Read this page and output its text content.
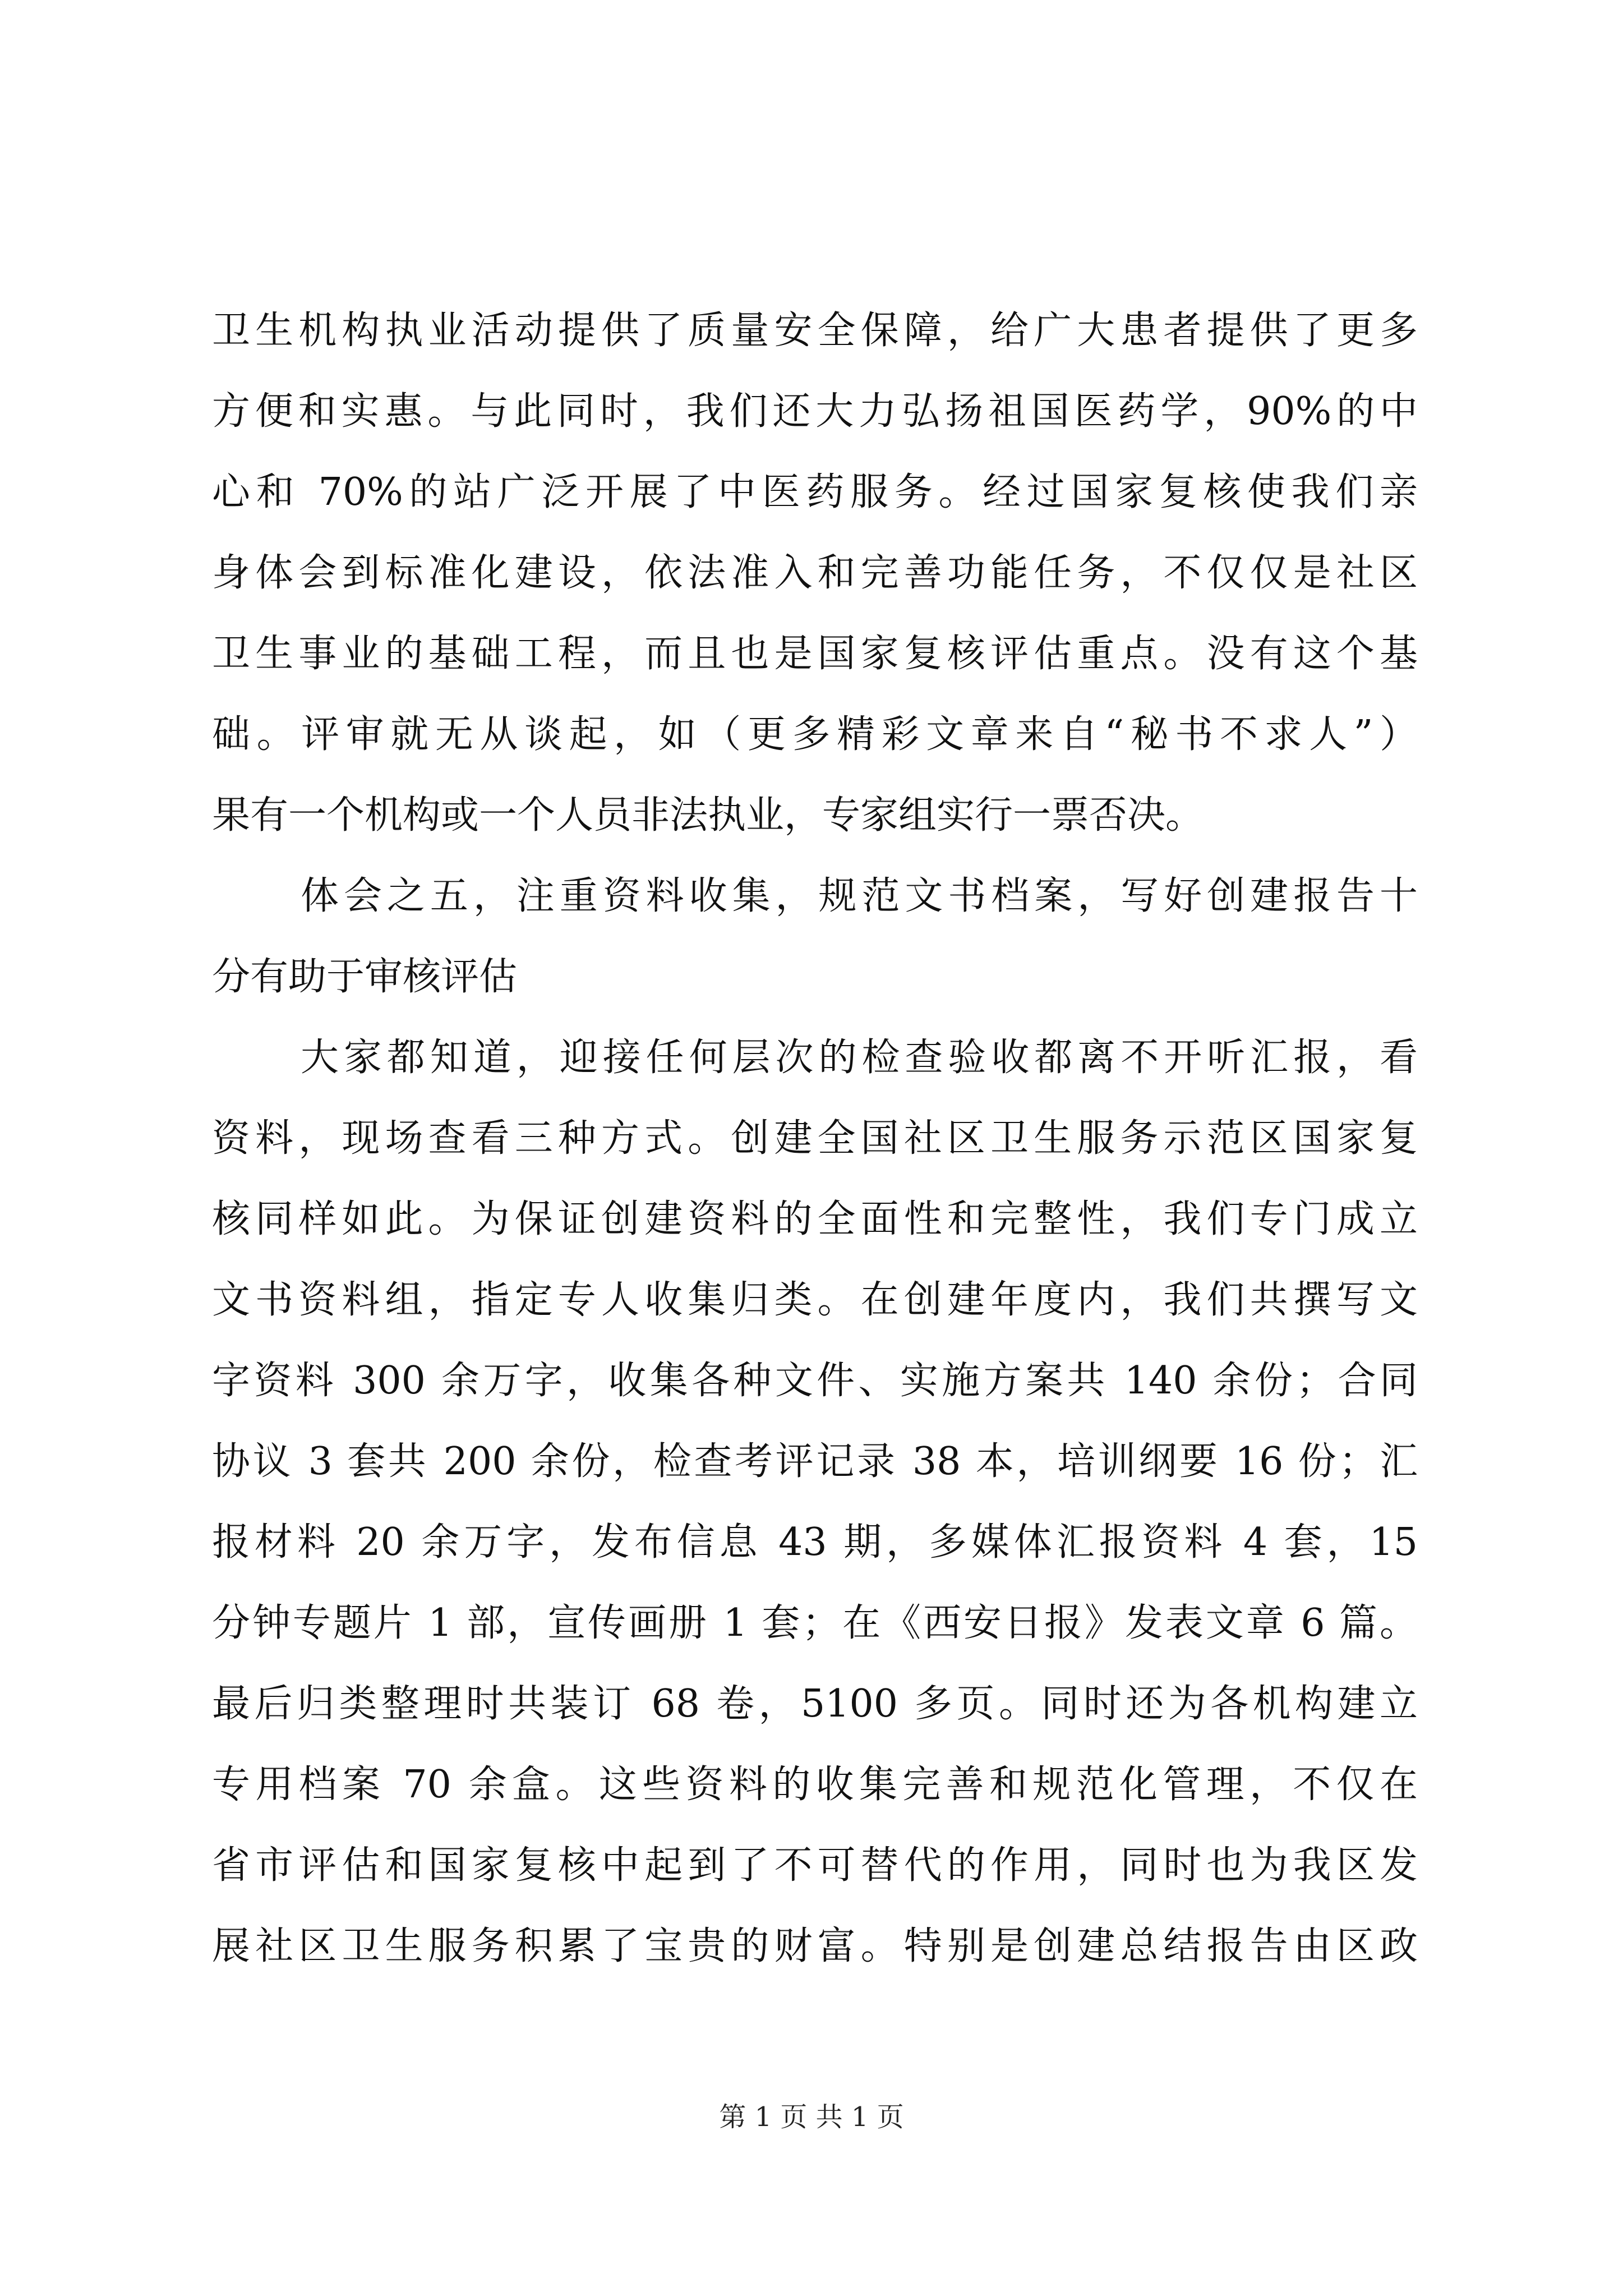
卫生机构执业活动提供了质量安全保障，给广大患者提供了更多
方便和实惠。与此同时，我们还大力弘扬祖国医药学，90%的中
心和 70%的站广泛开展了中医药服务。经过国家复核使我们亲
身体会到标准化建设，依法准入和完善功能任务，不仅仅是社区
卫生事业的基础工程，而且也是国家复核评估重点。没有这个基
础。评审就无从谈起，如（更多精彩文章来自“秘书不求人”）
果有一个机构或一个人员非法执业，专家组实行一票否决。
体会之五，注重资料收集，规范文书档案，写好创建报告十
分有助于审核评估
大家都知道，迎接任何层次的检查验收都离不开听汇报，看
资料，现场查看三种方式。创建全国社区卫生服务示范区国家复
核同样如此。为保证创建资料的全面性和完整性，我们专门成立
文书资料组，指定专人收集归类。在创建年度内，我们共撰写文
字资料 300 余万字，收集各种文件、实施方案共 140 余份；合同
协议 3 套共 200 余份，检查考评记录 38 本，培训纲要 16 份；汇
报材料 20 余万字，发布信息 43 期，多媒体汇报资料 4 套，15
分钟专题片 1 部，宣传画册 1 套；在《西安日报》发表文章 6 篇。
最后归类整理时共装订 68 卷，5100 多页。同时还为各机构建立
专用档案 70 余盒。这些资料的收集完善和规范化管理，不仅在
省市评估和国家复核中起到了不可替代的作用，同时也为我区发
展社区卫生服务积累了宝贵的财富。特别是创建总结报告由区政
第 1 页 共 1 页
